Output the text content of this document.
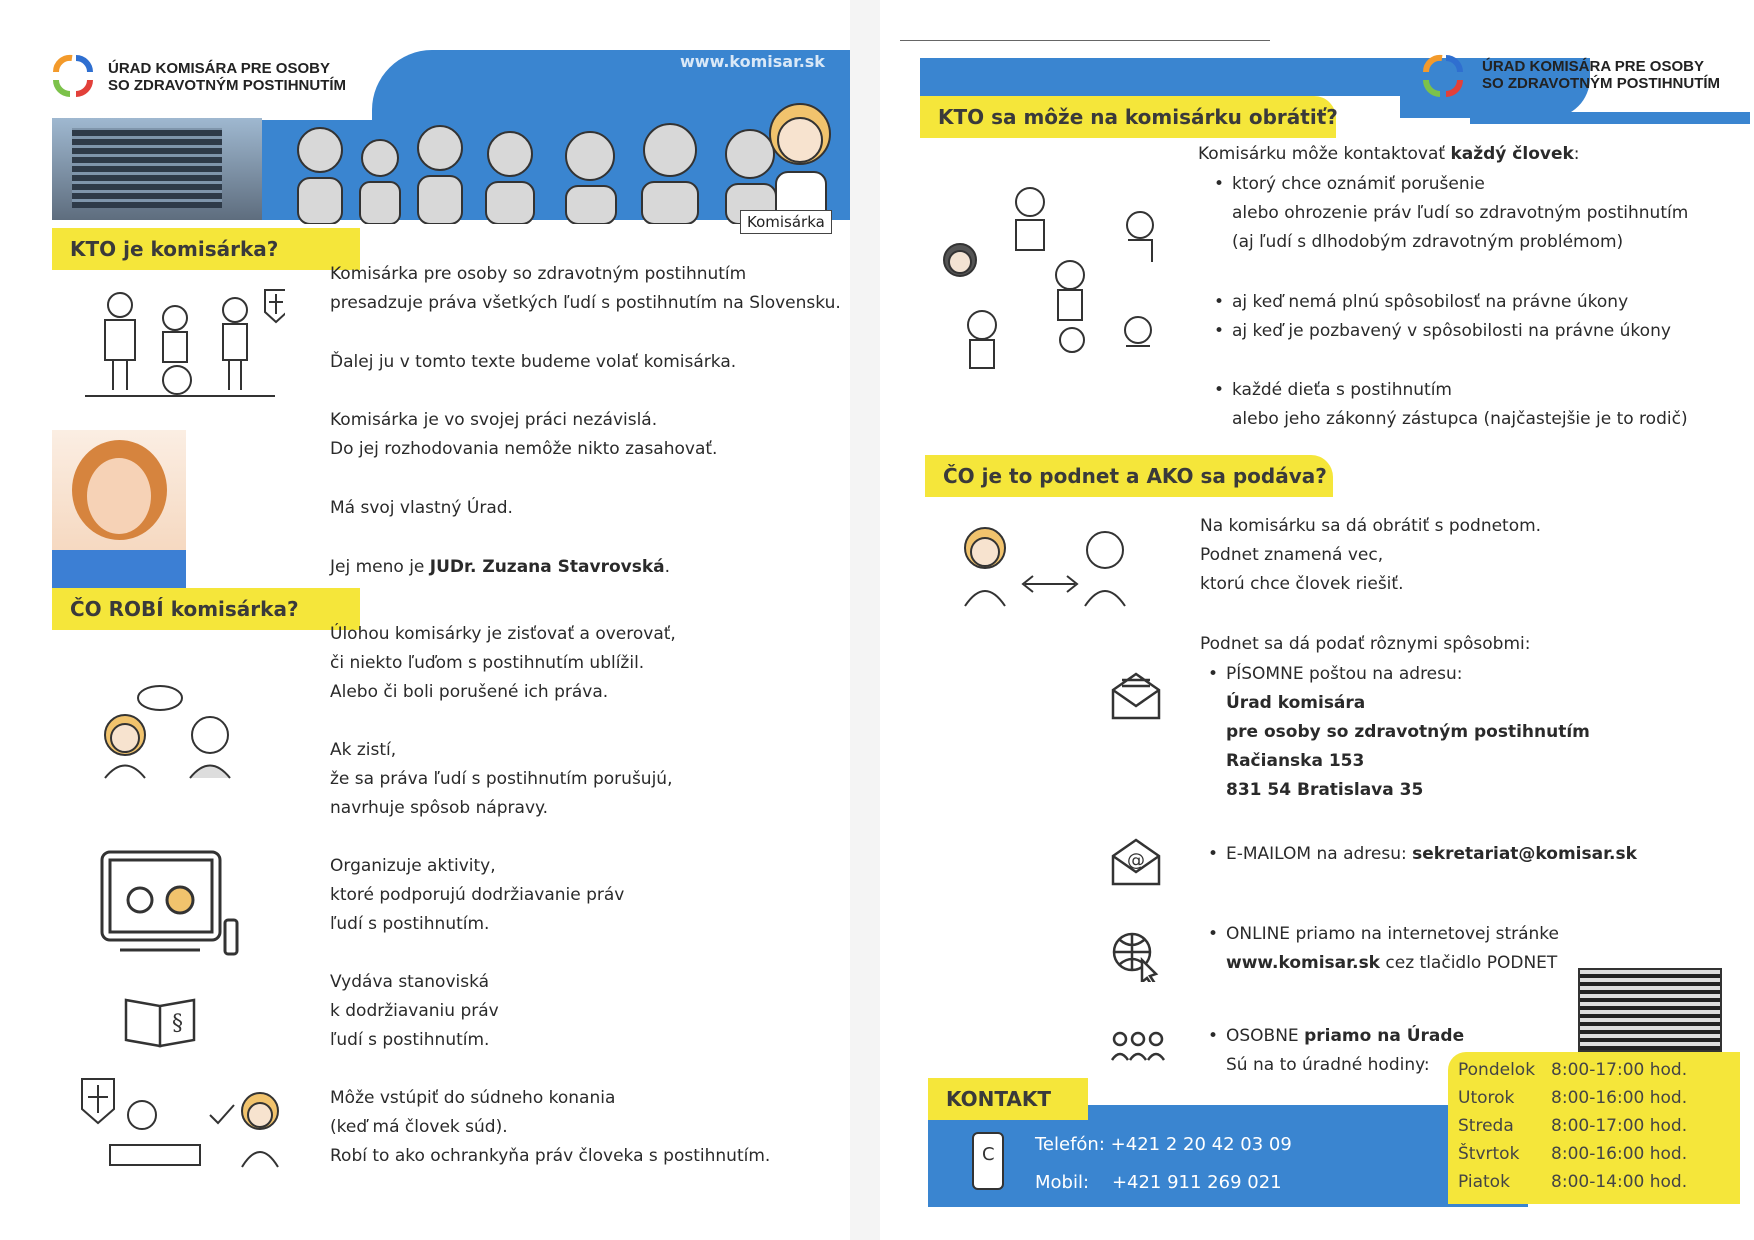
ÚRAD KOMISÁRA PRE OSOBY
SO ZDRAVOTNÝM POSTIHNUTÍM
www.komisar.sk
Komisárka
KTO je komisárka?
ČO ROBÍ komisárka?
§
Komisárka pre osoby so zdravotným postihnutím
presadzuje práva všetkých ľudí s postihnutím na Slovensku.
Ďalej ju v tomto texte budeme volať komisárka.
Komisárka je vo svojej práci nezávislá.
Do jej rozhodovania nemôže nikto zasahovať.
Má svoj vlastný Úrad.
Jej meno je JUDr. Zuzana Stavrovská.
Úlohou komisárky je zisťovať a overovať,
či niekto ľuďom s postihnutím ublížil.
Alebo či boli porušené ich práva.
Ak zistí,
že sa práva ľudí s postihnutím porušujú,
navrhuje spôsob nápravy.
Organizuje aktivity,
ktoré podporujú dodržiavanie práv
ľudí s postihnutím.
Vydáva stanoviská
k dodržiavaniu práv
ľudí s postihnutím.
Môže vstúpiť do súdneho konania
(keď má človek súd).
Robí to ako ochrankyňa práv človeka s postihnutím.
KTO sa môže na komisárku obrátiť?
ÚRAD KOMISÁRA PRE OSOBY
SO ZDRAVOTNÝM POSTIHNUTÍM
Komisárku môže kontaktovať každý človek:
ktorý chce oznámiť porušenie
alebo ohrozenie práv ľudí so zdravotným postihnutím
(aj ľudí s dlhodobým zdravotným problémom)
aj keď nemá plnú spôsobilosť na právne úkony
aj keď je pozbavený v spôsobilosti na právne úkony
každé dieťa s postihnutím
alebo jeho zákonný zástupca (najčastejšie je to rodič)
ČO je to podnet a AKO sa podáva?
Na komisárku sa dá obrátiť s podnetom.
Podnet znamená vec,
ktorú chce človek riešiť.
Podnet sa dá podať rôznymi spôsobmi:
PÍSOMNE poštou na adresu:
Úrad komisára
pre osoby so zdravotným postihnutím
Račianska 153
831 54 Bratislava 35
@	E-MAILOM na adresu: sekretariat@komisar.sk
ONLINE priamo na internetovej stránke
www.komisar.sk cez tlačidlo PODNET
OSOBNE priamo na Úrade
Sú na to úradné hodiny:
KONTAKT
C Telefón: +421 2 20 42 03 09
Mobil: +421 911 269 021
Pondelok	8:00-17:00 hod.
Utorok	8:00-16:00 hod.
Streda	8:00-17:00 hod.
Štvrtok	8:00-16:00 hod.
Piatok	8:00-14:00 hod.
